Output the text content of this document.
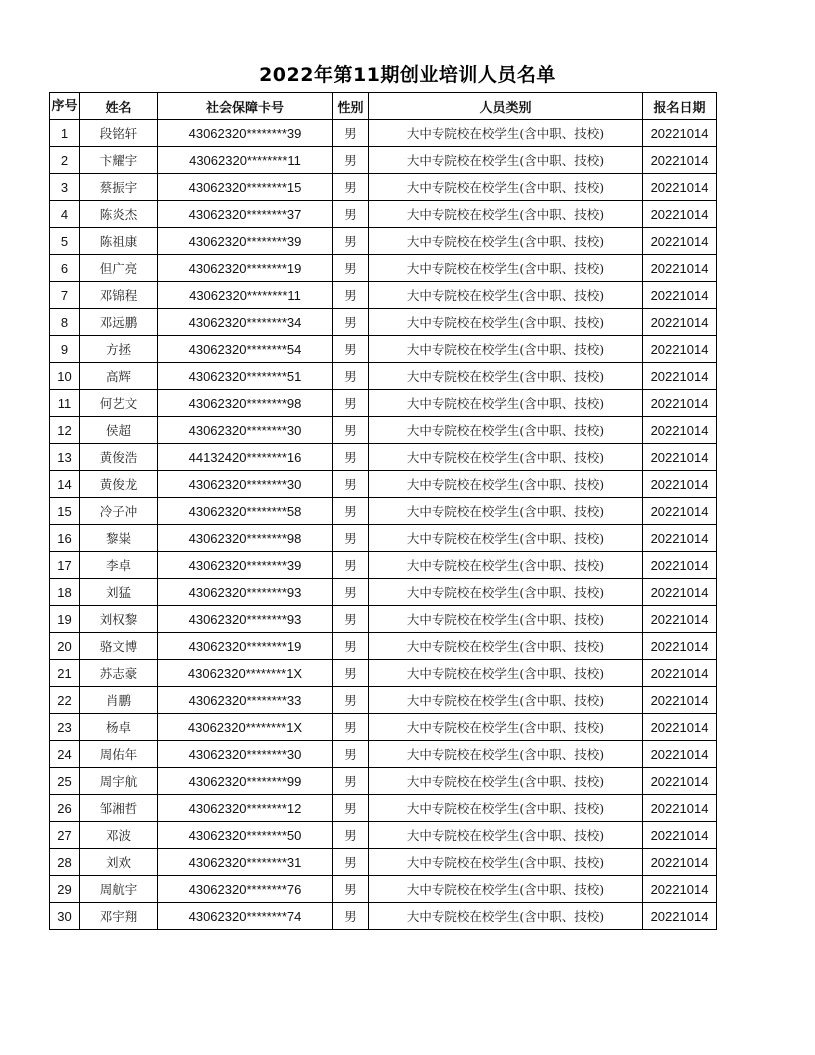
2022年第11期创业培训人员名单
序号	姓名	社会保障卡号	性别	人员类别	报名日期
1	段铭轩	43062320********39	男	大中专院校在校学生(含中职、技校)	20221014
2	卞耀宇	43062320********11	男	大中专院校在校学生(含中职、技校)	20221014
3	蔡振宇	43062320********15	男	大中专院校在校学生(含中职、技校)	20221014
4	陈炎杰	43062320********37	男	大中专院校在校学生(含中职、技校)	20221014
5	陈祖康	43062320********39	男	大中专院校在校学生(含中职、技校)	20221014
6	但广亮	43062320********19	男	大中专院校在校学生(含中职、技校)	20221014
7	邓锦程	43062320********11	男	大中专院校在校学生(含中职、技校)	20221014
8	邓远鹏	43062320********34	男	大中专院校在校学生(含中职、技校)	20221014
9	方拯	43062320********54	男	大中专院校在校学生(含中职、技校)	20221014
10	高辉	43062320********51	男	大中专院校在校学生(含中职、技校)	20221014
11	何艺文	43062320********98	男	大中专院校在校学生(含中职、技校)	20221014
12	侯超	43062320********30	男	大中专院校在校学生(含中职、技校)	20221014
13	黄俊浩	44132420********16	男	大中专院校在校学生(含中职、技校)	20221014
14	黄俊龙	43062320********30	男	大中专院校在校学生(含中职、技校)	20221014
15	冷子冲	43062320********58	男	大中专院校在校学生(含中职、技校)	20221014
16	黎粜	43062320********98	男	大中专院校在校学生(含中职、技校)	20221014
17	李卓	43062320********39	男	大中专院校在校学生(含中职、技校)	20221014
18	刘猛	43062320********93	男	大中专院校在校学生(含中职、技校)	20221014
19	刘权黎	43062320********93	男	大中专院校在校学生(含中职、技校)	20221014
20	骆文博	43062320********19	男	大中专院校在校学生(含中职、技校)	20221014
21	苏志豪	43062320********1X	男	大中专院校在校学生(含中职、技校)	20221014
22	肖鹏	43062320********33	男	大中专院校在校学生(含中职、技校)	20221014
23	杨卓	43062320********1X	男	大中专院校在校学生(含中职、技校)	20221014
24	周佑年	43062320********30	男	大中专院校在校学生(含中职、技校)	20221014
25	周宇航	43062320********99	男	大中专院校在校学生(含中职、技校)	20221014
26	邹湘哲	43062320********12	男	大中专院校在校学生(含中职、技校)	20221014
27	邓波	43062320********50	男	大中专院校在校学生(含中职、技校)	20221014
28	刘欢	43062320********31	男	大中专院校在校学生(含中职、技校)	20221014
29	周航宇	43062320********76	男	大中专院校在校学生(含中职、技校)	20221014
30	邓宇翔	43062320********74	男	大中专院校在校学生(含中职、技校)	20221014
